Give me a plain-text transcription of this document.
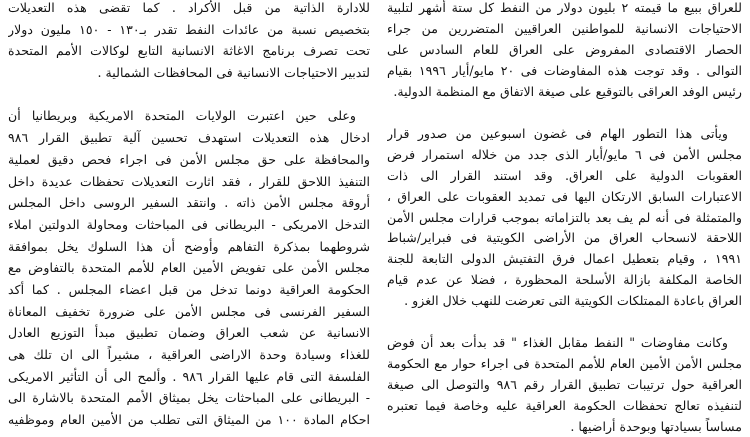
للعراق ببيع ما قيمته ٢ بليون دولار من النفط كل ستة أشهر لتلبية
الاحتياجات الانسانية للمواطنين العراقيين المتضررين من جراء
الحصار الاقتصادى المفروض على العراق للعام السادس على
التوالى . وقد توجت هذه المفاوضات فى ٢٠ مايو/أيار ١٩٩٦ بقيام
رئيس الوفد العراقى بالتوقيع على صيغة الاتفاق مع المنظمة الدولية.
ويأتى هذا التطور الهام فى غضون اسبوعين من صدور قرار
مجلس الأمن فى ٦ مايو/أيار الذى جدد من خلاله استمرار فرض
العقوبات الدولية على العراق. وقد استند القرار الى ذات
الاعتبارات السابق الارتكان اليها فى تمديد العقوبات على العراق ،
والمتمثلة فى أنه لم يف بعد بالتزاماته بموجب قرارات مجلس الأمن
اللاحقة لانسحاب العراق من الأراضى الكويتية فى فبراير/شباط
١٩٩١ ، وقيام بتعطيل اعمال فرق التفتيش الدولى التابعة للجنة
الخاصة المكلفة بازالة الأسلحة المحظورة ، فضلا عن عدم قيام
العراق باعادة الممتلكات الكويتية التى تعرضت للنهب خلال الغزو .
وكانت مفاوضات " النفط مقابل الغذاء " قد بدأت بعد أن فوض
مجلس الأمن الأمين العام للأمم المتحدة فى اجراء حوار مع الحكومة
العراقية حول ترتيبات تطبيق القرار رقم ٩٨٦ والتوصل الى صيغة
لتنفيذه تعالج تحفظات الحكومة العراقية عليه وخاصة فيما تعتبره
مساساً بسيادتها وبوحدة أراضيها .
للادارة الذاتية من قبل الأكراد . كما تقضى هذه التعديلات
بتخصيص نسبة من عائدات النفط تقدر بـ١٣٠ - ١٥٠ مليون دولار
تحت تصرف برنامج الاغاثة الانسانية التابع لوكالات الأمم المتحدة
لتدبير الاحتياجات الانسانية فى المحافظات الشمالية .
وعلى حين اعتبرت الولايات المتحدة الامريكية وبريطانيا أن
ادخال هذه التعديلات استهدف تحسين آلية تطبيق القرار ٩٨٦
والمحافظة على حق مجلس الأمن فى اجراء فحص دقيق لعملية
التنفيذ اللاحق للقرار ، فقد اثارت التعديلات تحفظات عديدة داخل
أروقة مجلس الأمن ذاته . وانتقد السفير الروسى داخل المجلس
التدخل الامريكى - البريطانى فى المباحثات ومحاولة الدولتين املاء
شروطهما بمذكرة التفاهم وأوضح أن هذا السلوك يخل بموافقة
مجلس الأمن على تفويض الأمين العام للأمم المتحدة بالتفاوض مع
الحكومة العراقية دونما تدخل من قبل اعضاء المجلس . كما أكد
السفير الفرنسى فى مجلس الأمن على ضرورة تخفيف المعاناة
الانسانية عن شعب العراق وضمان تطبيق مبدأ التوزيع العادل
للغذاء وسيادة وحدة الاراضى العراقية ، مشيراً الى ان تلك هى
الفلسفة التى قام عليها القرار ٩٨٦ . وألمح الى أن التأثير الامريكى
- البريطانى على المباحثات يخل بميثاق الأمم المتحدة بالاشارة الى
احكام المادة ١٠٠ من الميثاق التى تطلب من الأمين العام وموظفيه
